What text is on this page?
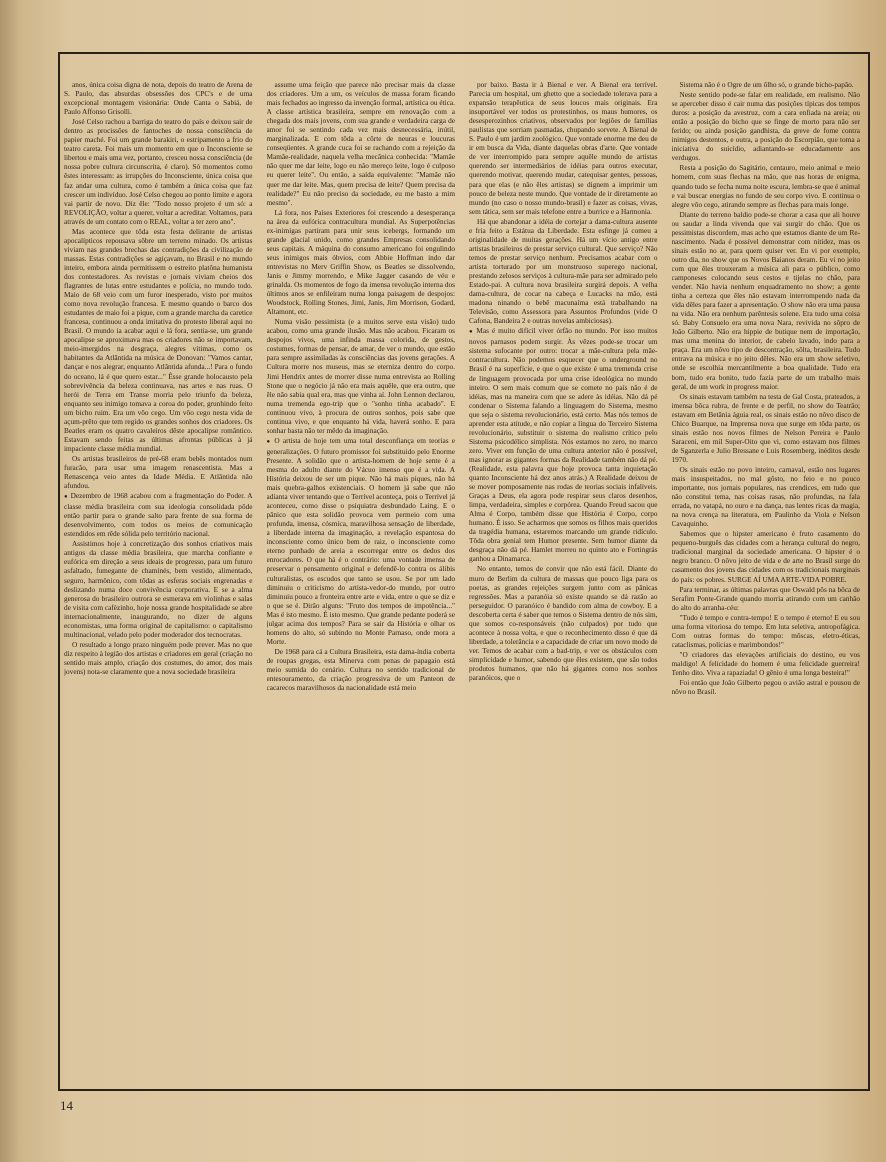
anos, única coisa digna de nota, depois do teatro de Arena de S. Paulo, das absurdas obsessões dos CPC's e de uma excepcional montagem visionária: Onde Canta o Sabiá, de Paulo Affonso Grisolli.

José Celso rachou a barriga do teatro do país e deixou sair de dentro as procissões de fantoches de nossa consciência de papier maché. Foi um grande barakiri, o estripamento a frio do teatro careta. Foi mais um momento em que o Inconsciente se libertou e mais uma vez, portanto, cresceu nossa consciência (de nossa pobre cultura circunscrita, é claro). Só momentos como êstes interessam: as irrupções do Inconsciente, única coisa que faz andar uma cultura, como é também a única coisa que faz crescer um indivíduo. José Celso chegou ao ponto limite e agora vai partir de novo. Diz êle: "Todo nosso projeto é um só: a REVOLIÇÃO, voltar a querer, voltar a acreditar. Voltamos, para através de um contato com o REAL, voltar a ter zero ano".

Mas acontece que tôda esta festa delirante de artistas apocalípticos repousava sôbre um terreno minado. Os artistas viviam nas grandes brechas das contradições da civilização de massas. Estas contradições se agiçavam, no Brasil e no mundo inteiro, embora ainda permitissem o estreito platôna humanista dos contestadores. As revistas e jornais viviam cheios dos flagrantes de lutas entre estudantes e polícia, no mundo todo. Maio de 68 veio com um furor inesperado, visto por muitos como nova revolução francesa. E mesmo quando o barco dos estudantes de maio foi a pique, com a grande marcha da caretice francesa, continuou a onda imitativa do protesto liberal aqui no Brasil. O mundo ia acabar aqui e lá fora, sentia-se, um grande apocalipse se aproximava mas os criadores não se importavam, meio-imergidos na desgraça, alegres vítimas, como os habitantes da Atlântida na música de Donovan: "Vamos cantar, dançar e nos alegrar, enquanto Atlântida afunda...! Para o fundo do oceano, lá é que quero estar..." Êsse grande holocausto pela sobrevivência da beleza continuava, nas artes e nas ruas. O herói de Terra em Transe morria pelo triunfo da beleza, enquanto seu inimigo tomava a coroa do poder, grunhindo feito um bicho ruim. Era um vôo cego. Um vôo cego nesta vida de açum-prêto que tem regido os grandes sonhos dos criadores. Os Beatles eram os quatro cavaleiros dêste apocalipse romântico. Estavam sendo feitas as últimas afrontas públicas à já impaciente classe média mundial.

Os artistas brasileiros de pré-68 eram bebês montados num furacão, para usar uma imagem renascentista. Mas a Renascença veio antes da Idade Média. E Atlântida não afundou.

● Dezembro de 1968 acabou com a fragmentação do Poder. A classe média brasileira com sua ideologia consolidada pôde então partir para o grande salto para frente de sua forma de desenvolvimento, com todos os meios de comunicação estendidos em rêde sólida pelo território nacional.

Assistimos hoje à concretização dos sonhos criativos mais antigos da classe média brasileira, que marcha confiante e eufórica em direção a seus ideais de progresso, para um futuro asfaltado, fumegante de chaminés, bem vestido, alimentado, seguro, harmônico, com tôdas as esferas sociais engrenadas e deslizando numa doce convivência corporativa. E se a alma generosa do brasileiro outrora se esmerava em violinhas e salas de visita com cafèzinho, hoje nossa grande hospitalidade se abre internacionalmente, inaugurando, no dizer de alguns economistas, uma forma original de capitalismo: o capitalismo multinacional, velado pelo poder moderador dos tecnocratas.

O resultado a longo prazo ninguém pode prever. Mas no que diz respeito à legião dos artistas e criadores em geral (criação no sentido mais amplo, criação dos costumes, do amor, dos mais jovens) nota-se claramente que a nova sociedade brasileira

assume uma feição que parece não precisar mais da classe dos criadores. Um a um, os veículos de massa foram ficando mais fechados ao ingresso da invenção formal, artística ou ética. A classe artística brasileira, sempre em renovação com a chegada dos mais jovens, com sua grande e verdadeira carga de amor foi se sentindo cada vez mais desnecessária, inútil, marginalizada. E com tôda a côrte de neuras e loucuras conseqüentes. A grande cuca foi se rachando com a rejeição da Mamãe-realidade, naquela velha mecânica conhecida: "Mamãe não quer me dar leite, logo eu não mereço leite, logo é culposo eu querer leite". Ou então, a saída equivalente: "Mamãe não quer me dar leite. Mas, quem precisa de leite? Quem precisa da realidade?" Eu não preciso da sociedade, eu me basto a mim mesmo".

Lá fora, nos Países Exteriores foi crescendo a desesperança na área da eufórica contracultura mundial. As Superpotências ex-inimigas partiram para unir seus icebergs, formando um grande glacial unido, como grandes Empresas consolidando seus capitais. A máquina do consumo americano foi engulindo seus inimigos mais óbvios, com Abbie Hoffman indo dar entrevistas no Merv Griffin Show, os Beatles se dissolvendo, Janis e Jimmy morrendo, e Mike Jagger casando de véu e grinalda. Os momentos de fogo da imensa revolução interna dos últimos anos se enfileiram numa longa paisagem de despojos: Woodstock, Rolling Stones, Jimi, Janis, Jim Morrison, Godard, Altamont, etc.

Numa visão pessimista (e a muitos serve esta visão) tudo acabou, como uma grande ilusão. Mas não acabou. Ficaram os despojos vivos, uma infinda massa colorida, de gestos, costumes, formas de pensar, de amar, de ver o mundo, que estão para sempre assimiladas às consciências das jovens gerações. A Cultura morre nos museus, mas se eterniza dentro do corpo. Jimi Hendrix antes de morrer disse numa entrevista ao Rolling Stone que o negócio já não era mais aquêle, que era outro, que êle não sabia qual era, mas que vinha aí. John Lennon declarou, numa tremenda ego-trip que o "sonho tinha acabado". E continuou vivo, à procura de outros sonhos, pois sabe que continua vivo, e que enquanto há vida, haverá sonho. E para sonhar basta não ter mêdo da imaginação.

● O artista de hoje tem uma total desconfiança em teorias e generalizações. O futuro promissor foi substituido pelo Enorme Presente. A solidão que o artista-homem de hoje sente é a mesma do adulto diante do Vácuo imenso que é a vida. A História deixou de ser um pique. Não há mais piques, não há mais quebra-galhos existenciais. O homem já sabe que não adianta viver tentando que o Terrível aconteça, pois o Terrível já aconteceu, como disse o psiquiatra desbundado Laing. E o pânico que esta solidão provoca vem permeio com uma profunda, imensa, cósmica, maravilhosa sensação de liberdade, a liberdade interna da imaginação, a revelação espantosa do inconsciente como único bem de raiz, o inconsciente como eterno punhado de areia a escorregar entre os dedos dos enrocadores. O que há é o contrário: uma vontade imensa de preservar o pensamento original e defendê-lo contra os álibis culturalistas, os escudos que tanto se usou. Se por um lado diminuiu o criticismo do artista-vedor-do mundo, por outro diminuiu pouco a fronteira entre arte e vida, entre o que se diz e o que se é. Dirão alguns: "Fruto dos tempos de impotência..." Mas é isto mesmo. É isto mesmo. Que grande pedante poderá se julgar acima dos tempos? Para se sair da História e olhar os homens do alto, só subindo no Monte Parnaso, onde mora a Morte.

De 1968 para cá a Cultura Brasileira, esta dama-índia coberta de roupas gregas, esta Minerva com penas de papagaio está meio sumida do cenário. Cultura no sentido tradicional de entesouramento, da criação progressiva de um Panteon de cacarecos maravilhosos da nacionalidade está meio

por baixo. Basta ir à Bienal e ver. A Bienal era terrível. Parecia um hospital, um ghetto que a sociedade tolerava para a expansão terapêutica de seus loucos mais originais. Era insuportável ver todos os protestinhos, os maus humores, os desesperozinhos criativos, observados por legiões de famílias paulistas que sorriam pasmadas, chupando sorvete. A Bienal de S. Paulo é um jardim zoológico. Que vontade enorme me deu de ir em busca da Vida, diante daquelas obras d'arte. Que vontade de ver interrompido para sempre aquêle mundo de artistas querendo ser intermediários de idéias para outros executar, querendo motivar, querendo mudar, catequisar gentes, pessoas, para que elas (e não êles artistas) se dignem a imprimir um pouco de beleza neste mundo. Que vontade de ir diretamente ao mundo (no caso o nosso mundo-brasil) e fazer as coisas, vivas, sem tática, sem ser mais telefone entre a burrice e a Harmonia.

Há que abandonar a idéia de cortejar a dama-cultura ausente e fria feito a Estátua da Liberdade. Esta esfinge já comeu a originalidade de muitas gerações. Há um vício antigo entre artistas brasileiros de prestar serviço cultural. Que serviço? Não temos de prestar serviço nenhum. Precisamos acabar com o artista torturado por um monstruoso superego nacional, prestando zelosos serviços à cultura-mãe para ser admirado pelo Estado-pai. A cultura nova brasileira surgirá depois. A velha dama-cultura, de cocar na cabeça e Lucacks na mão, está madona ninando o bebê macunaíma está trabalhando na Televisão, como Assessora para Assuntos Profundos (vide O Cafona, Bandeira 2 e outras novelas ambiciosas).

● Mas é muito difícil viver órfão no mundo. Por isso muitos novos parnasos podem surgir. Às vêzes pode-se trocar um sistema sufocante por outro: trocar a mãe-cultura pela mãe-contracultura. Não podemos esquecer que o underground no Brasil é na superfície, e que o que existe é uma tremenda crise de linguagem provocada por uma crise ideológica no mundo inteiro. O sem mais comum que se comete no país não é de idéias, mas na maneira com que se adere às idéias. Não dá pé condenar o Sistema falando a linguagem do Sistema, mesmo que seja o sistema revolucionário, está certo. Mas nós temos de aprender esta atitude, e não copiar a língua do Terceiro Sistema revolucionário, substituir o sistema do realismo crítico pelo Sistema psicodélico simplista. Nós estamos no zero, no marco zero. Viver em função de uma cultura anterior não é possível, mas ignorar as gigantes formas da Realidade também não dá pé. (Realidade, esta palavra que hoje provoca tanta inquietação quanto Inconsciente há dez anos atrás.) A Realidade deixou de se mover pomposamente nas rodas de teorias sociais infalíveis. Graças a Deus, ela agora pode respirar seus claros desenhos, limpa, verdadeira, simples e corpórea. Quando Freud sacou que Alma é Corpo, também disse que História é Corpo, corpo humano. É isso. Se acharmos que somos os filhos mais queridos da tragédia humana, estaremos marcando um grande ridículo. Tôda obra genial tem Humor presente. Sem humor diante da desgraça não dá pé. Hamlet morreu no quinto ato e Fortingrás ganhou a Dinamarca.

No entanto, temos de convir que não está fácil. Diante do muro de Berlim da cultura de massas que pouco liga para os poetas, as grandes rejeições surgem junto com as pânicas regressões. Mas a paranóia só existe quando se dá razão ao perseguidor. O paranóico é bandido com alma de cowboy. E a descoberta certa é saber que temos o Sistema dentro de nós sim, que somos co-responsáveis (não culpados) por tudo que acontece à nossa volta, e que o reconhecimento disso é que dá liberdade, a tolerância e a capacidade de criar um novo modo de ver. Temos de acabar com a bad-trip, e ver os obstáculos com simplicidade e humor, sabendo que êles existem, que são todos produtos humanos, que não há gigantes como nos sonhos paranóicos, que o

Sistema não é o Ogre de um ôlho só, o grande bicho-papão.

Neste sentido pode-se falar em realidade, em realismo. Não se aperceber disso é cair numa das posições típicas dos tempos duros: a posição da avestruz, com a cara enfiada na areia; ou então a posição do bicho que se finge de morto para não ser ferido; ou ainda posição gandhista, da greve de fome contra inimigos destentos, e outra, a posição do Escorpião, que toma a iniciativa do suicídio, adiantando-se educadamente aos verdugos.

Resta a posição do Sagitário, centauro, meio animal e meio homem, com suas flechas na mão, que nas horas de enigma, quando tudo se fecha numa noite escura, lembra-se que é animal e vai buscar energias no fundo de seu corpo vivo. E continua o alegre vôo cego, atirando sempre as flechas para mais longe.

Diante do terreno baldio pode-se chorar a casa que ali houve ou saudar a linda vivenda que vai surgir do chão. Que os pessimistas discordem, mas acho que estamos diante de um Re-nascimento. Nada é possível demonstrar com nitidez, mas os sinais estão no ar, para quem quiser ver. Eu vi por exemplo, outro dia, no show que os Novos Baianos deram. Eu vi no jeito com que êles trouxeram a música ali para o público, como camponeses colocando seus cestos e tijelas no chão, para vender. Não havia nenhum enquadramento no show; a gente tinha a certeza que êles não estavam interrompendo nada da vida dêles para fazer a apresentação. O show não era uma pausa na vida. Não era nenhum parêntesis solene. Era tudo uma coisa só. Baby Consuelo era uma nova Nara, revivida no sôpro de João Gilberto. Não era hippie de butique nem de importação, mas uma menina do interior, de cabelo lavado, indo para a praça. Era um nôvo tipo de descontração, sôlta, brasileira. Tudo entrava na música e no jeito dêles. Não era um show seletivo, onde se escolhia mercantilmente a boa qualidade. Tudo era bom, tudo era bonito, tudo fazia parte de um trabalho mais geral, de um work in progress maior.

Os sinais estavam também na testa de Gal Costa, prateados, a imensa bôca rubra, de frente e de perfil, no show do Teatrão; estavam em Betânia águia real, os sinais estão no nôvo disco de Chico Buarque, na Imprensa nova que surge em tôda parte, os sinais estão nos novos filmes de Nelson Pereira e Paulo Saraceni, em mil Super-Oito que vi, como estavam nos filmes de Sganzerla e Julio Bressane e Luis Rosemberg, inéditos desde 1970.

Os sinais estão no povo inteiro, carnaval, estão nos lugares mais insuspeitados, no mal gôsto, no feio e no pouco importante, nos jornais populares, nas crendices, em tudo que não constitui tema, nas coisas rasas, não profundas, na fala errada, no vatapá, no ouro e na dança, nas lentes ricas da magia, na nova crença na literatura, em Paulinho da Viola e Nelson Cavaquinho.

Sabemos que o hipster americano é fruto casamento do pequeno-burguês das cidades com a herança cultural do negro, tradicional marginal da sociedade americana. O hipster é o negro branco. O nôvo jeito de vida e de arte no Brasil surge do casamento dos jovens das cidades com os tradicionais marginais do país: os pobres. SURGE AÍ UMA ARTE-VIDA POBRE.

Para terminar, as últimas palavras que Oswald pôs na bôca de Serafim Ponte-Grande quando morria atirando com um canhão do alto do arranha-céu:

"Tudo é tempo e contra-tempo! E o tempo é eterno! E eu sou uma forma vitoriosa do tempo. Em luta seletiva, antropofágica. Com outras formas do tempo: môscas, eletro-éticas, cataclismas, polícias e marimbondos!"

"O criadores das elevações artificiais do destino, eu vos maldigo! A felicidade do homem é uma felicidade guerreira! Tenho dito. Viva a rapaziada! O gênio é uma longa besteira!"

Foi então que João Gilberto pegou o avião astral e pousou de nôvo no Brasil.

14
